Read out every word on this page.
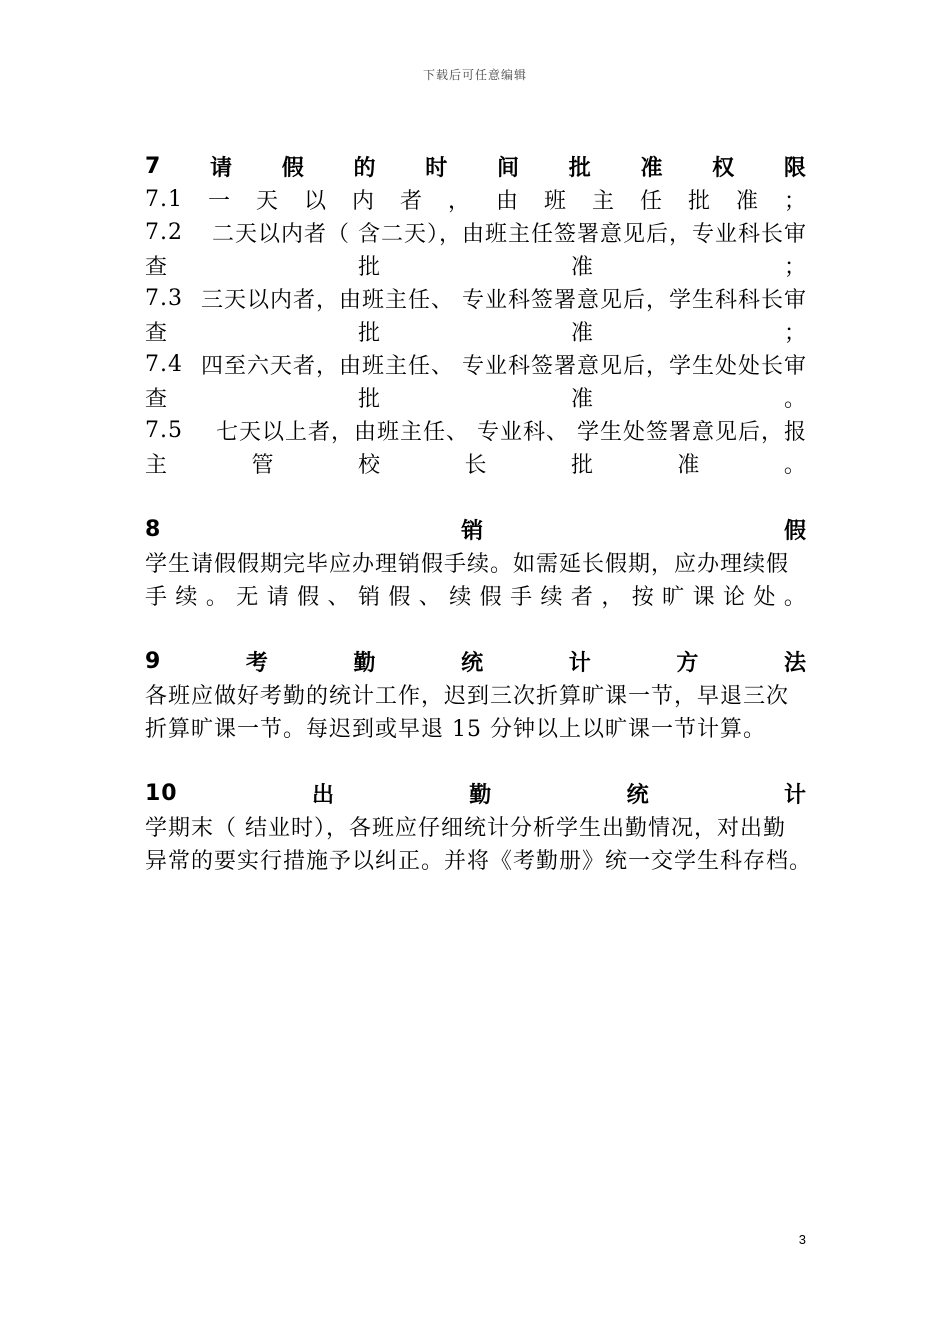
下载后可任意编辑
7 请 假 的 时 间 批 准 权 限
7.1 一 天 以 内 者 ， 由 班 主 任 批 准 ；
7.2 二天以内者（ 含二天），由班主任签署意见后，专业科长审
查	批	准	；
7.3 三天以内者，由班主任、 专业科签署意见后，学生科科长审
查	批	准	；
7.4 四至六天者，由班主任、 专业科签署意见后，学生处处长审
查	批	准	。
7.5 七天以上者，由班主任、 专业科、 学生处签署意见后，报
主	管	校	长	批	准	。
8	销	假
学生请假假期完毕应办理销假手续。如需延长假期，应办理续假
手 续 。 无 请 假 、 销 假 、 续 假 手 续 者 ， 按 旷 课 论 处 。
9	考	勤	统	计	方	法
各班应做好考勤的统计工作，迟到三次折算旷课一节，早退三次
折算旷课一节。每迟到或早退 15 分钟以上以旷课一节计算。
10	出	勤	统	计
学期末（ 结业时），各班应仔细统计分析学生出勤情况，对出勤
异常的要实行措施予以纠正。并将《考勤册》统一交学生科存档。
3
